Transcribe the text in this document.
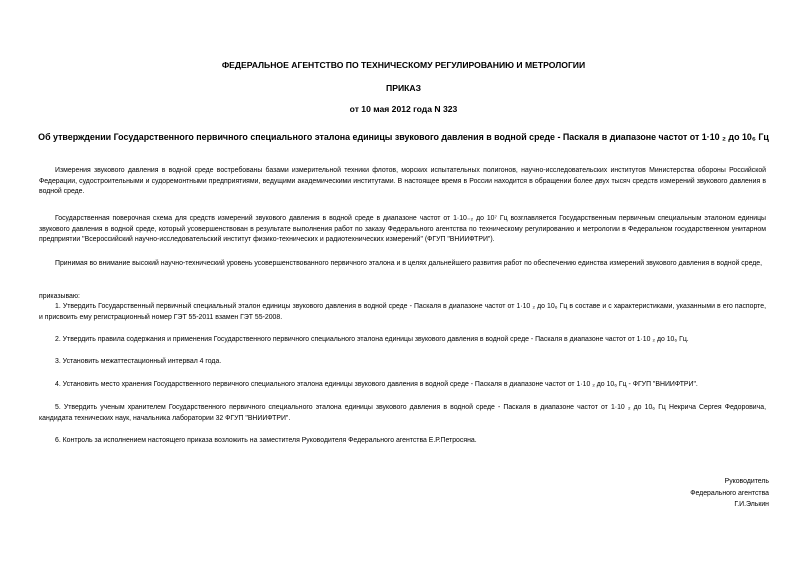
ФЕДЕРАЛЬНОЕ АГЕНТСТВО ПО ТЕХНИЧЕСКОМУ РЕГУЛИРОВАНИЮ И МЕТРОЛОГИИ
ПРИКАЗ
от 10 мая 2012 года N 323
Об утверждении Государственного первичного специального эталона единицы звукового давления в водной среде - Паскаля в диапазоне частот от 1·10 ₂ до 10₆ Гц
Измерения звукового давления в водной среде востребованы базами измерительной техники флотов, морских испытательных полигонов, научно-исследовательских институтов Министерства обороны Российской Федерации, судостроительными и судоремонтными предприятиями, ведущими академическими институтами. В настоящее время в России находится в обращении более двух тысяч средств измерений звукового давления в водной среде.
Государственная поверочная схема для средств измерений звукового давления в водной среде в диапазоне частот от 1·10₋₂ до 10⁷ Гц возглавляется Государственным первичным специальным эталоном единицы звукового давления в водной среде, который усовершенствован в результате выполнения работ по заказу Федерального агентства по техническому регулированию и метрологии в Федеральном государственном унитарном предприятии "Всероссийский научно-исследовательский институт физико-технических и радиотехнических измерений" (ФГУП "ВНИИФТРИ").
Принимая во внимание высокий научно-технический уровень усовершенствованного первичного эталона и в целях дальнейшего развития работ по обеспечению единства измерений звукового давления в водной среде,
приказываю:
1. Утвердить Государственный первичный специальный эталон единицы звукового давления в водной среде - Паскаля в диапазоне частот от 1·10 ₂ до 10₆ Гц в составе и с характеристиками, указанными в его паспорте, и присвоить ему регистрационный номер ГЭТ 55-2011 взамен ГЭТ 55-2008.
2. Утвердить правила содержания и применения Государственного первичного специального эталона единицы звукового давления в водной среде - Паскаля в диапазоне частот от 1·10 ₂ до 10₆ Гц.
3. Установить межаттестационный интервал 4 года.
4. Установить место хранения Государственного первичного специального эталона единицы звукового давления в водной среде - Паскаля в диапазоне частот от 1·10 ₂ до 10₆ Гц - ФГУП "ВНИИФТРИ".
5. Утвердить ученым хранителем Государственного первичного специального эталона единицы звукового давления в водной среде - Паскаля в диапазоне частот от 1·10 ₂ до 10₆ Гц Некрича Сергея Федоровича, кандидата технических наук, начальника лаборатории 32 ФГУП "ВНИИФТРИ".
6. Контроль за исполнением настоящего приказа возложить на заместителя Руководителя Федерального агентства Е.Р.Петросяна.
Руководитель
Федерального агентства
Г.И.Элькин
